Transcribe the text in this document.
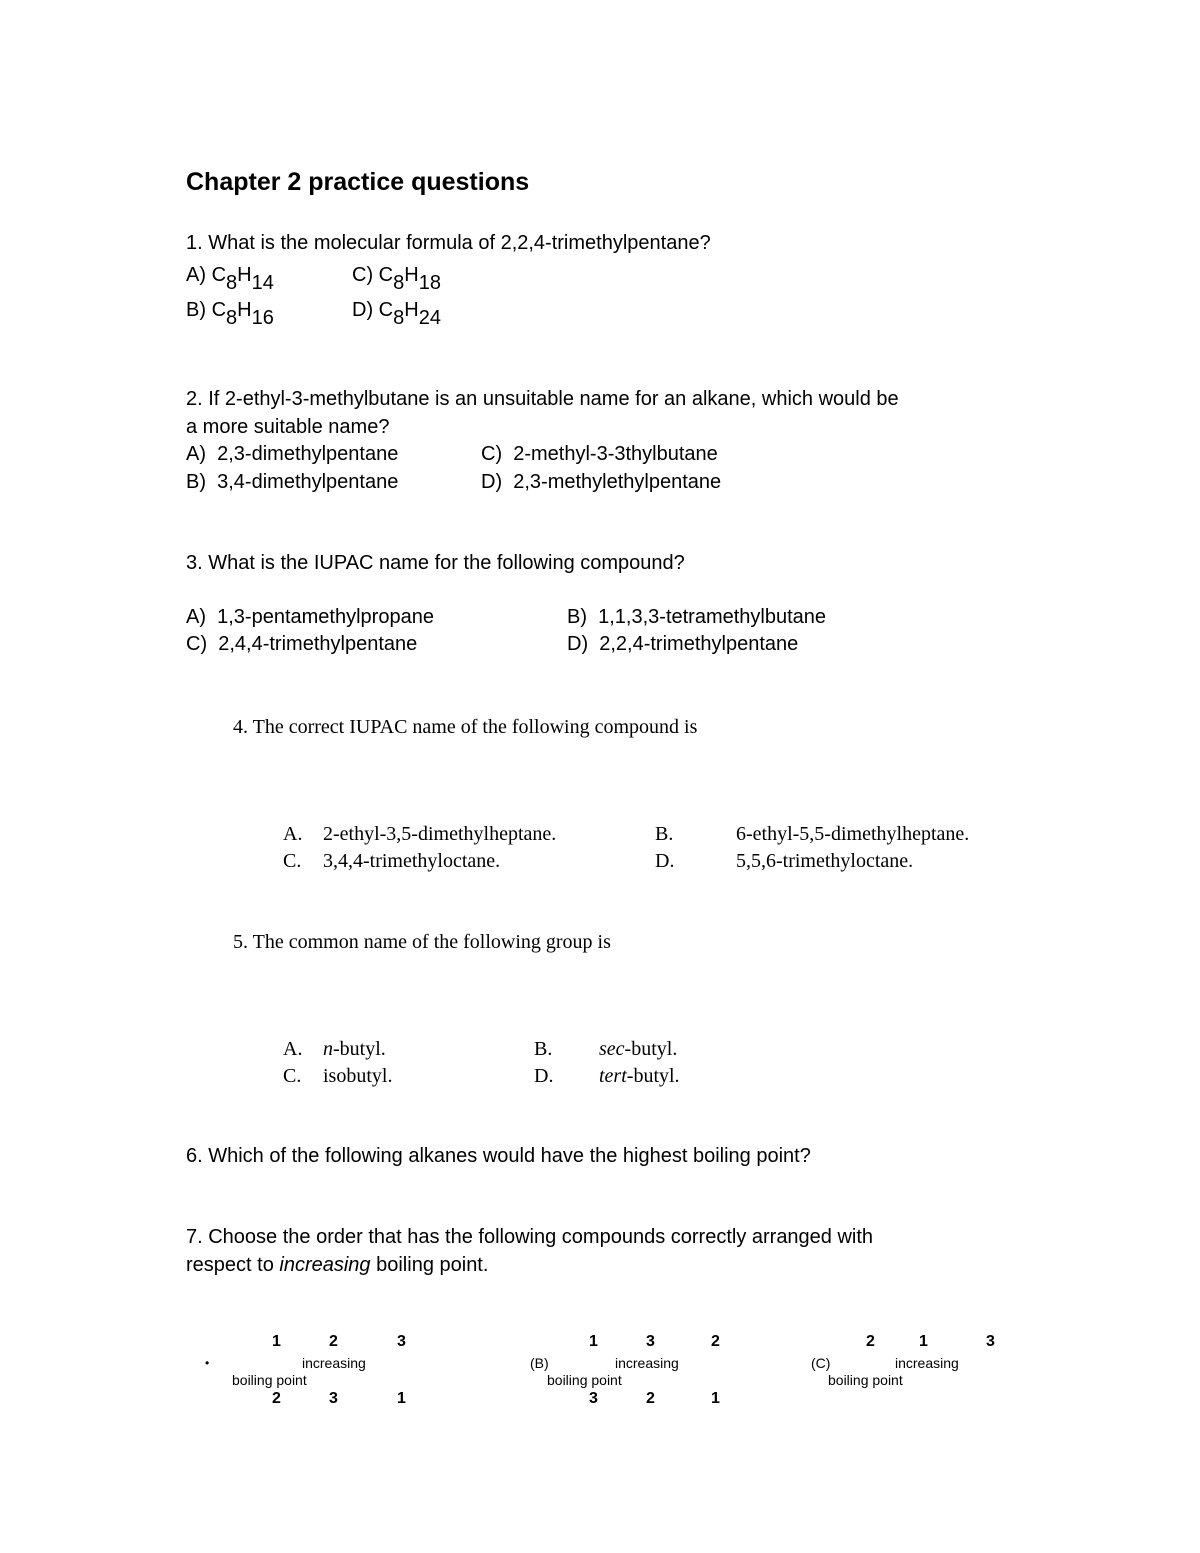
Chapter 2 practice questions
1. What is the molecular formula of 2,2,4-trimethylpentane?
A) C8H14	C) C8H18
B) C8H16	D) C8H24
2. If 2-ethyl-3-methylbutane is an unsuitable name for an alkane, which would be
a more suitable name?
A) 2,3-dimethylpentane	C) 2-methyl-3-3thylbutane
B) 3,4-dimethylpentane	D) 2,3-methylethylpentane
3. What is the IUPAC name for the following compound?
A) 1,3-pentamethylpropane	B) 1,1,3,3-tetramethylbutane
C) 2,4,4-trimethylpentane	D) 2,2,4-trimethylpentane
4. The correct IUPAC name of the following compound is
A. 2-ethyl-3,5-dimethylheptane.	B.	6-ethyl-5,5-dimethylheptane.
C. 3,4,4-trimethyloctane.	D.	5,5,6-trimethyloctane.
5. The common name of the following group is
A. n-butyl.	B. sec-butyl.
C. isobutyl.	D. tert-butyl.
6. Which of the following alkanes would have the highest boiling point?
7. Choose the order that has the following compounds correctly arranged with
respect to increasing boiling point.
1	2	3
•	increasing
boiling point
2	3	1
1	3	2
(B)	increasing
boiling point
3	2	1
2	1	3
(C)	increasing
boiling point
